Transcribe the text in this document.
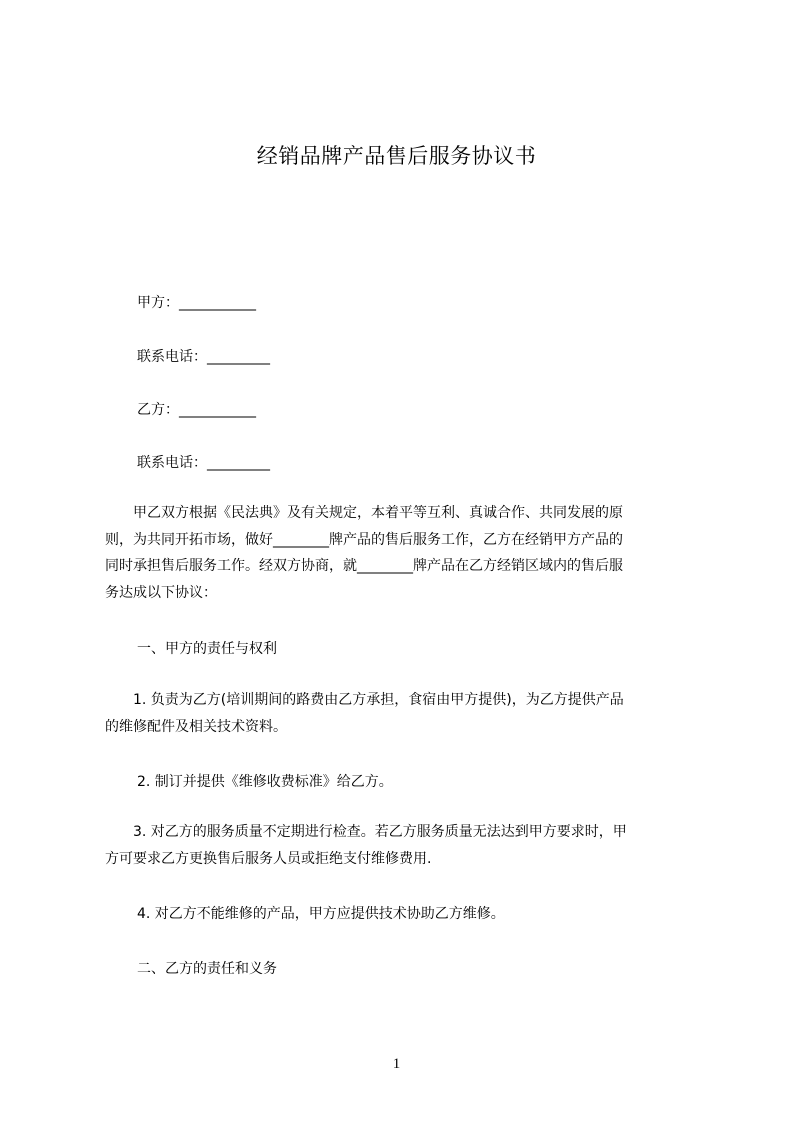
经销品牌产品售后服务协议书
甲方：___________
联系电话：_________
乙方：___________
联系电话：_________

　　甲乙双方根据《民法典》及有关规定，本着平等互利、真诚合作、共同发展的原

则，为共同开拓市场，做好________牌产品的售后服务工作，乙方在经销甲方产品的

同时承担售后服务工作。经双方协商，就________牌产品在乙方经销区域内的售后服

务达成以下协议：

一、甲方的责任与权利

　　1. 负责为乙方(培训期间的路费由乙方承担，食宿由甲方提供)，为乙方提供产品

的维修配件及相关技术资料。

2. 制订并提供《维修收费标准》给乙方。

　　3. 对乙方的服务质量不定期进行检查。若乙方服务质量无法达到甲方要求时，甲

方可要求乙方更换售后服务人员或拒绝支付维修费用.

4. 对乙方不能维修的产品，甲方应提供技术协助乙方维修。
二、乙方的责任和义务
1
